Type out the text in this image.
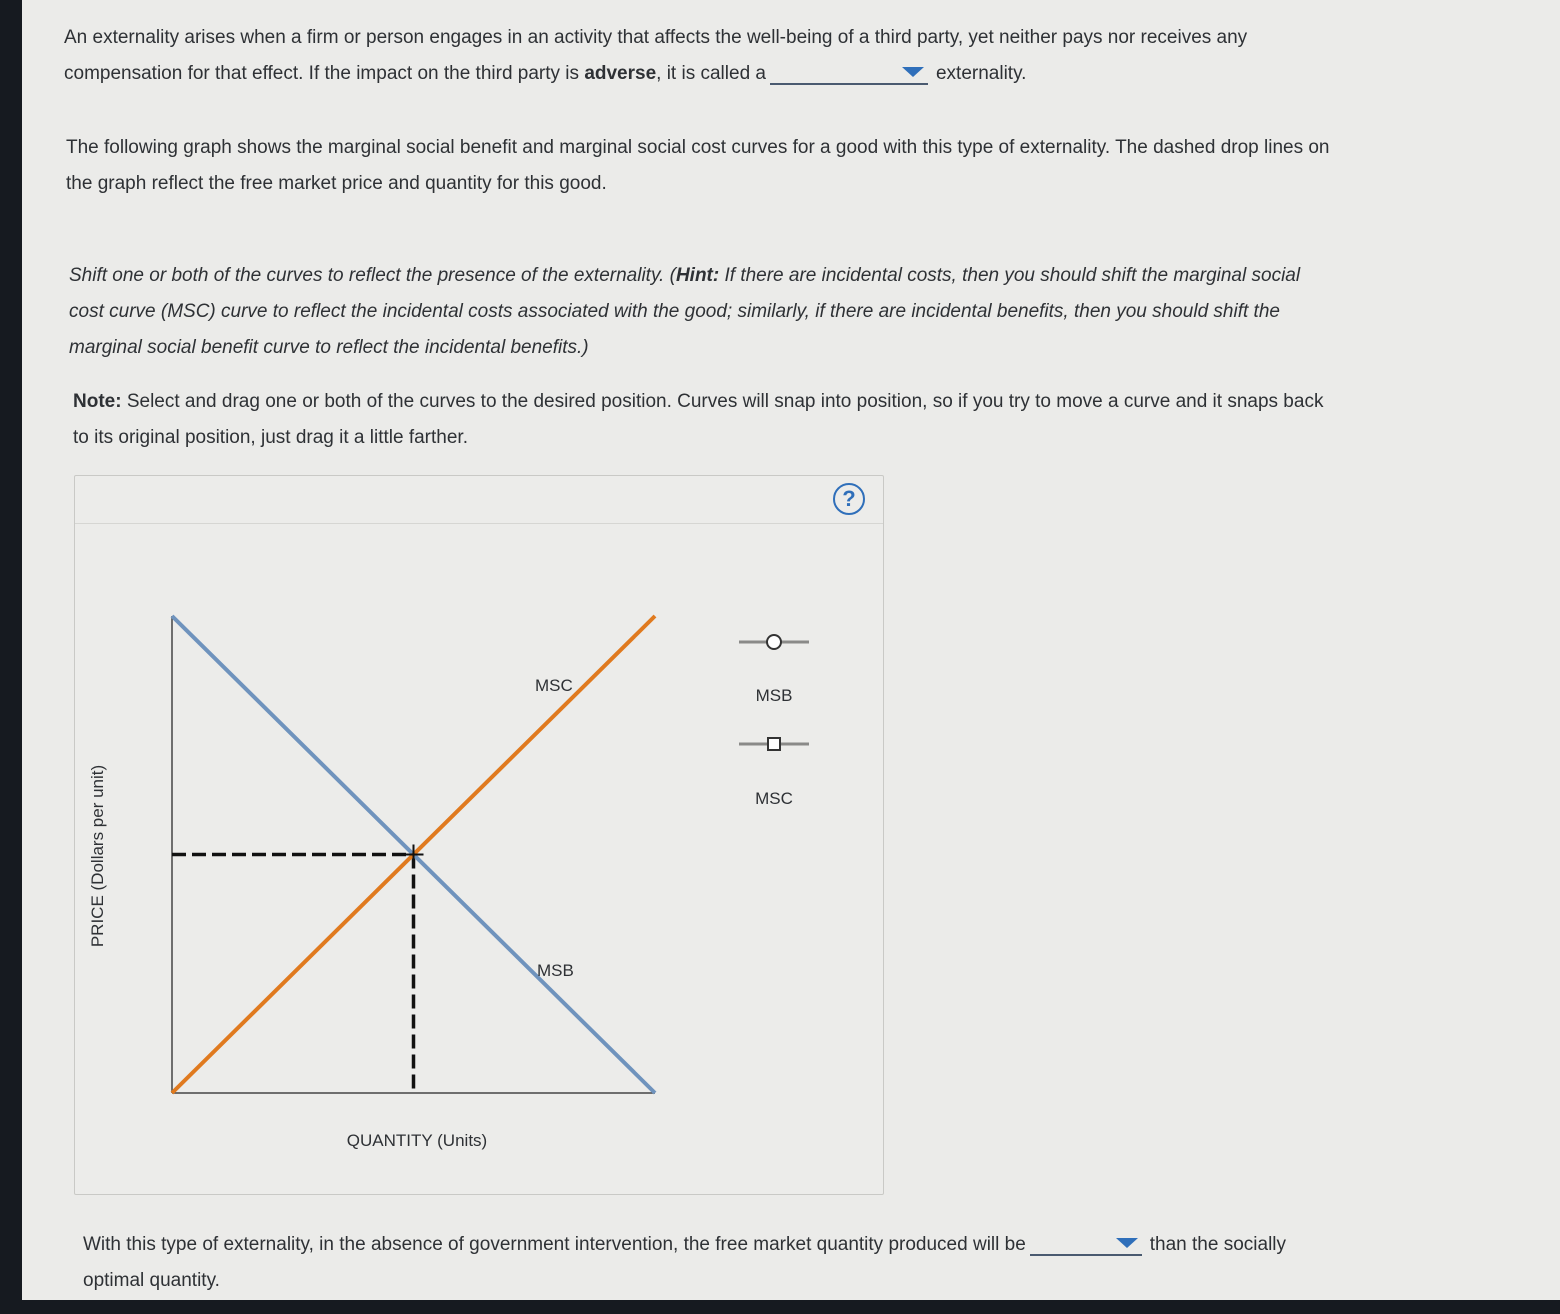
An externality arises when a firm or person engages in an activity that affects the well-being of a third party, yet neither pays nor receives any
compensation for that effect. If the impact on the third party is adverse, it is called a	externality.

The following graph shows the marginal social benefit and marginal social cost curves for a good with this type of externality. The dashed drop lines on
the graph reflect the free market price and quantity for this good.

Shift one or both of the curves to reflect the presence of the externality. (Hint: If there are incidental costs, then you should shift the marginal social
cost curve (MSC) curve to reflect the incidental costs associated with the good; similarly, if there are incidental benefits, then you should shift the
marginal social benefit curve to reflect the incidental benefits.)

Note: Select and drag one or both of the curves to the desired position. Curves will snap into position, so if you try to move a curve and it snaps back
to its original position, just drag it a little farther.

?
PRICE (Dollars per unit)
QUANTITY (Units)
MSC
MSB
MSB
MSC

With this type of externality, in the absence of government intervention, the free market quantity produced will be	than the socially
optimal quantity.
